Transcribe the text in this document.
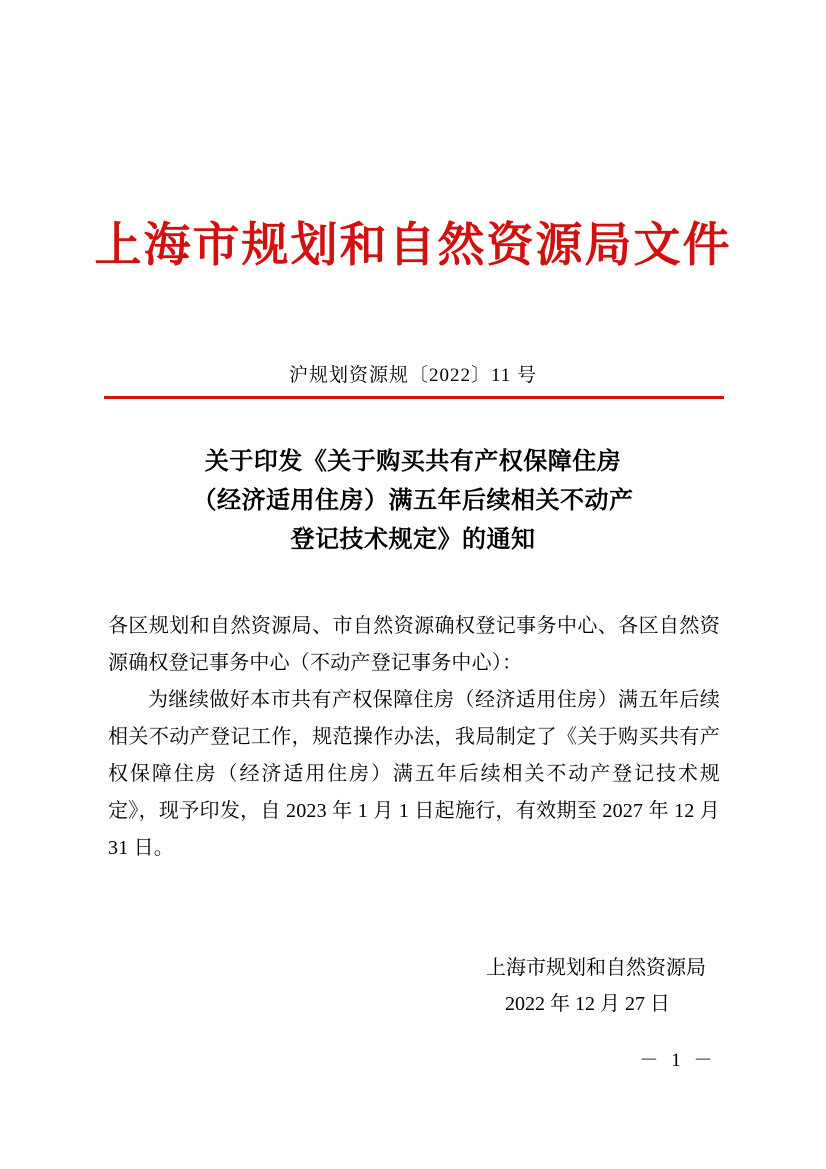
上海市规划和自然资源局文件
沪规划资源规〔2022〕11 号
关于印发《关于购买共有产权保障住房
（经济适用住房）满五年后续相关不动产
登记技术规定》的通知

各区规划和自然资源局、市自然资源确权登记事务中心、各区自然资源确权登记事务中心（不动产登记事务中心）：

为继续做好本市共有产权保障住房（经济适用住房）满五年后续相关不动产登记工作，规范操作办法，我局制定了《关于购买共有产权保障住房（经济适用住房）满五年后续相关不动产登记技术规定》，现予印发，自 2023 年 1 月 1 日起施行，有效期至 2027 年 12 月 31 日。

上海市规划和自然资源局
2022 年 12 月 27 日
－ 1 －
